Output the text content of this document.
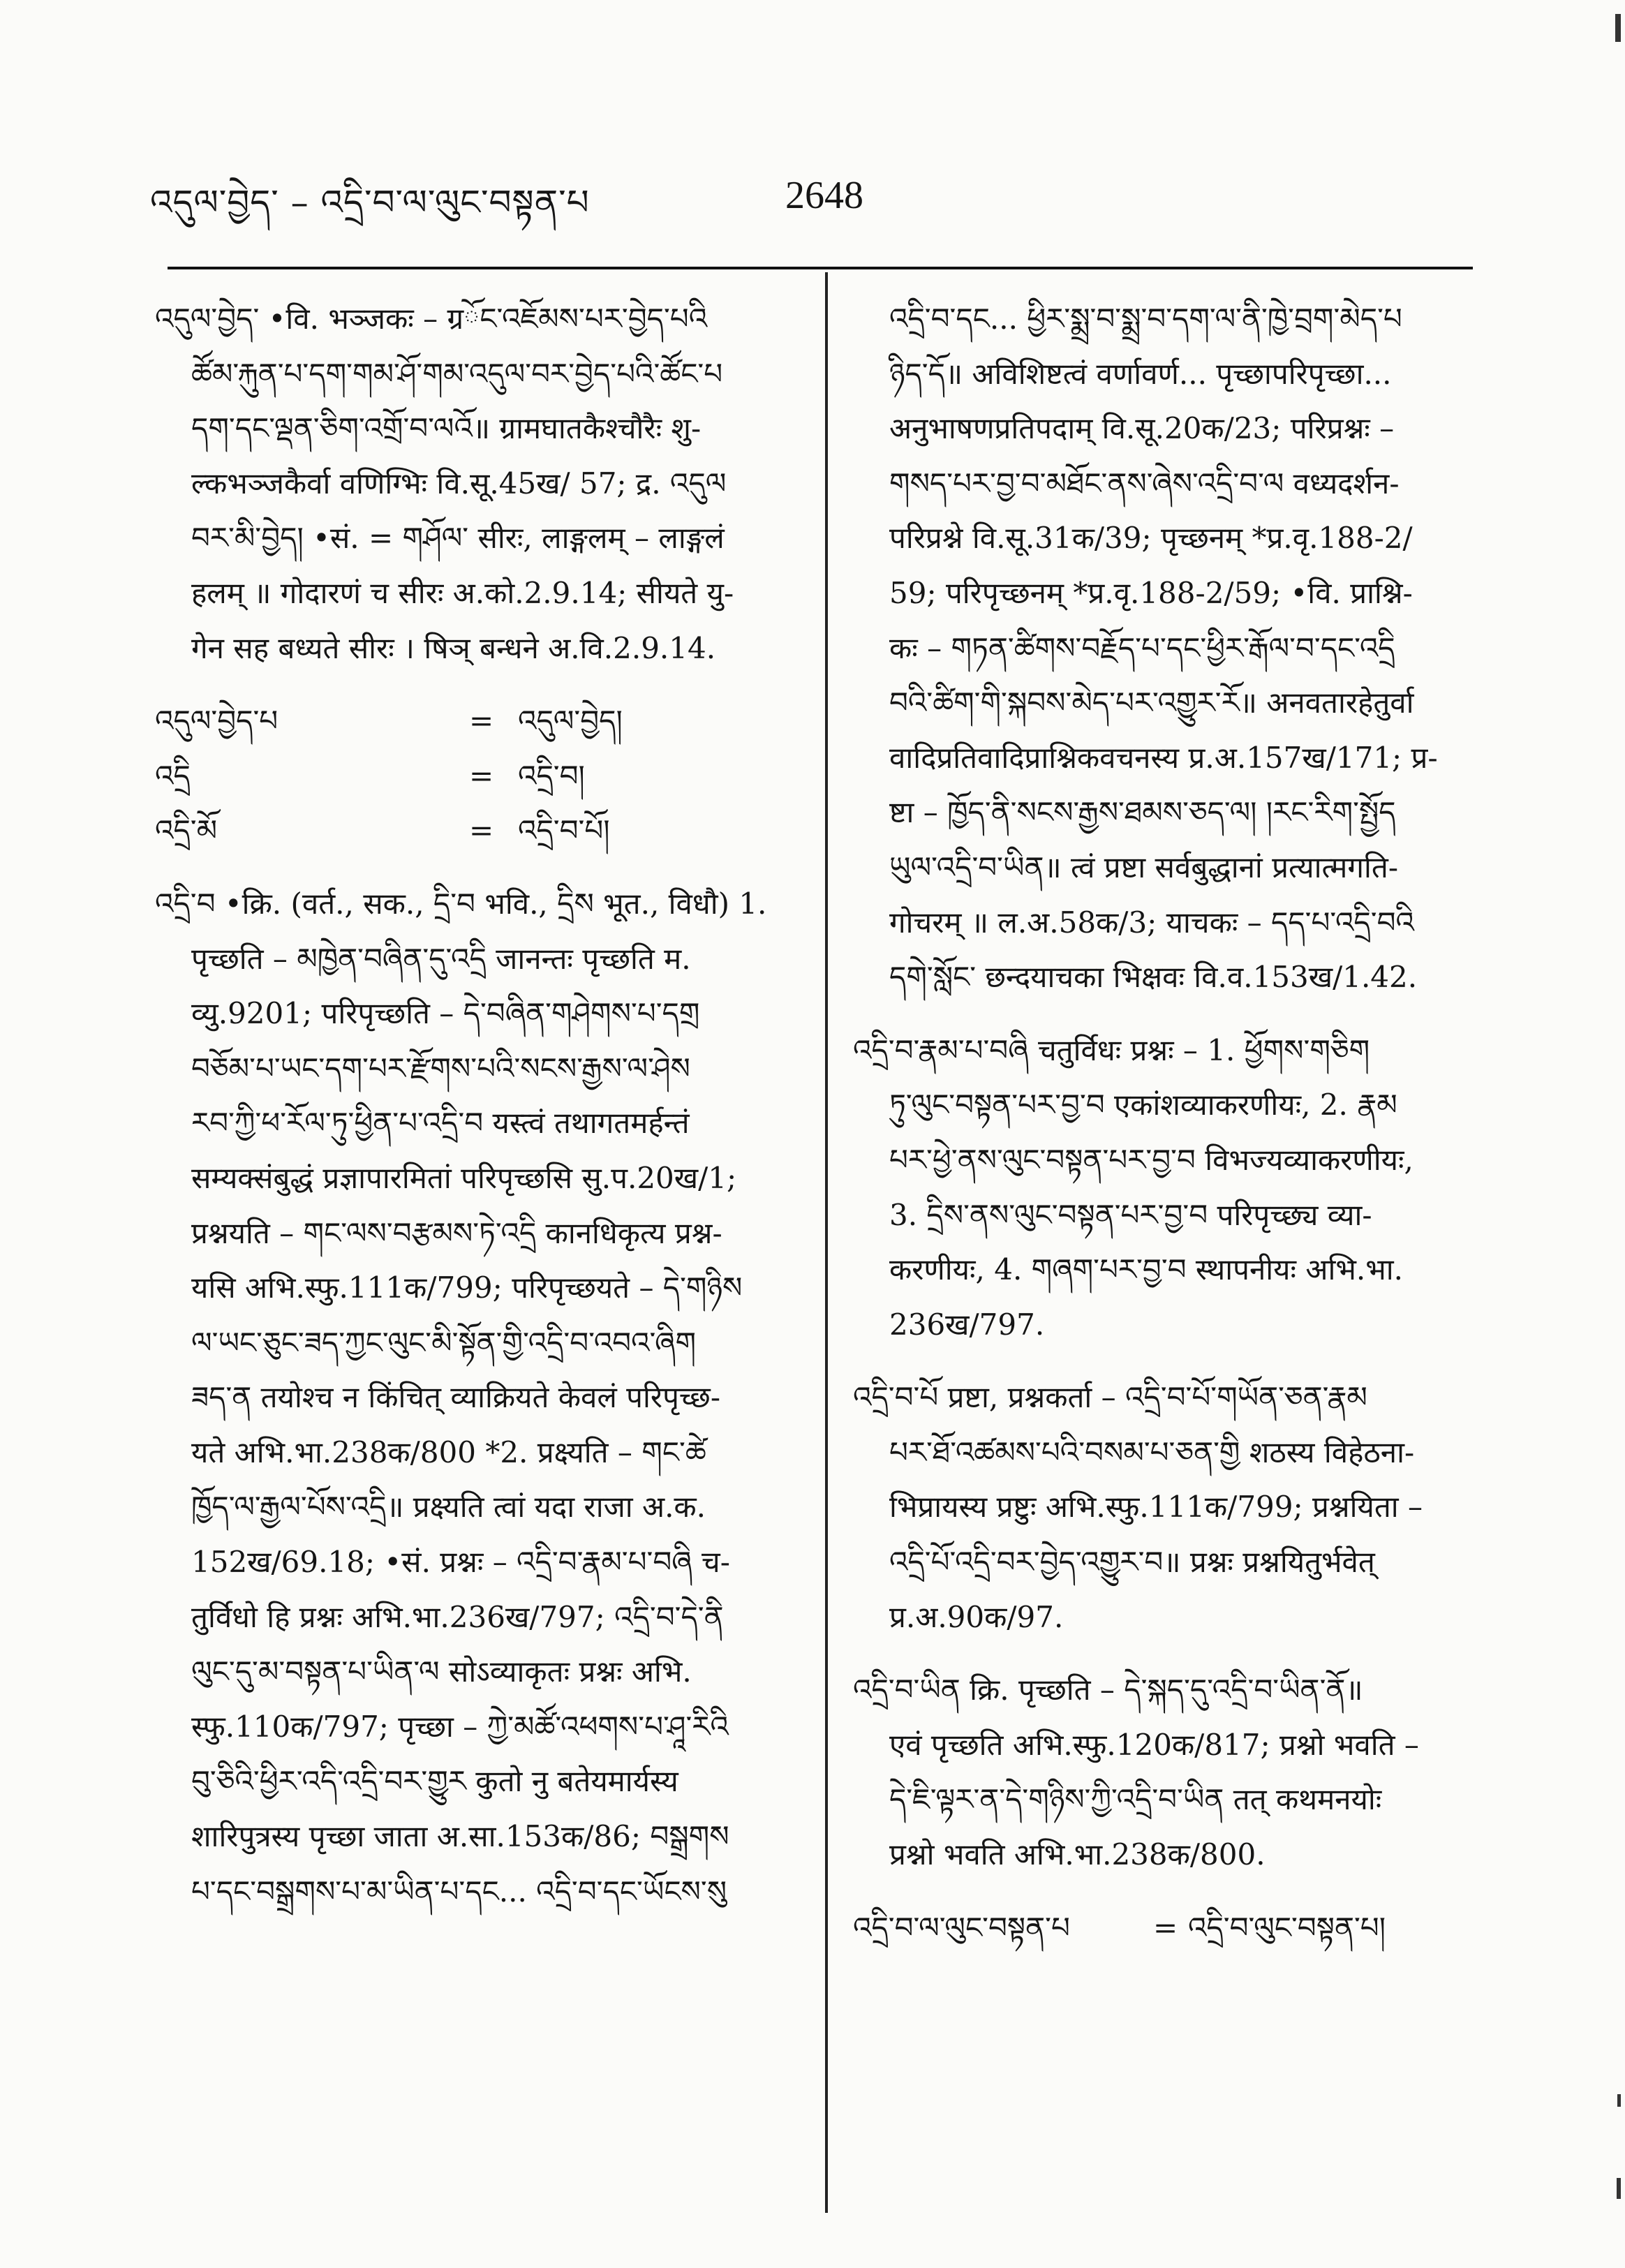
འདུལ་བྱེད་ – འདྲི་བ་ལ་ལུང་བསྟན་པ	2648
འདུལ་བྱེད་ •वि. भञ्जकः – ग्रོང་འཇོམས་པར་བྱེད་པའི
ཚོམ་རྐུན་པ་དག་གམ་ཤོ་གམ་འདུལ་བར་བྱེད་པའི་ཚོང་པ
དག་དང་ལྡན་ཅིག་འགྲོ་བ་ལའོ॥ ग्रामघातकैश्चौरैः शु-
ल्कभञ्जकैर्वा वणिग्भिः वि.सू.45ख/ 57; द्र. འདུལ
བར་མི་བྱེད། •सं. = གཤོལ་ सीरः, लाङ्गलम् – लाङ्गलं
हलम् ॥ गोदारणं च सीरः अ.को.2.9.14; सीयते यु-
गेन सह बध्यते सीरः । षिञ् बन्धने अ.वि.2.9.14.
འདུལ་བྱེད་པ	= འདུལ་བྱེད།
འདྲི	= འདྲི་བ།
འདྲི་མོ	= འདྲི་བ་པོ།
འདྲི་བ •क्रि. (वर्त., सक., དྲི་བ भवि., དྲིས भूत., विधौ) 1.
पृच्छति – མཁྱེན་བཞིན་དུ་འདྲི जानन्तः पृच्छति म.
व्यु.9201; परिपृच्छति – དེ་བཞིན་གཤེགས་པ་དགྲ
བཅོམ་པ་ཡང་དག་པར་རྫོགས་པའི་སངས་རྒྱས་ལ་ཤེས
རབ་ཀྱི་ཕ་རོལ་ཏུ་ཕྱིན་པ་འདྲི་བ यस्त्वं तथागतमर्हन्तं
सम्यक्संबुद्धं प्रज्ञापारमितां परिपृच्छसि सु.प.20ख/1;
प्रश्नयति – གང་ལས་བརྩམས་ཏེ་འདྲི कानधिकृत्य प्रश्न-
यसि अभि.स्फु.111क/799; परिपृच्छयते – དེ་གཉིས
ལ་ཡང་ཅུང་ཟད་ཀྱང་ལུང་མི་སྟོན་གྱི་འདྲི་བ་འབའ་ཞིག
ཟད་ན तयोश्च न किंचित् व्याक्रियते केवलं परिपृच्छ-
यते अभि.भा.238क/800 *2. प्रक्ष्यति – གང་ཚེ
ཁྱོད་ལ་རྒྱལ་པོས་འདྲི॥ प्रक्ष्यति त्वां यदा राजा अ.क.
152ख/69.18; •सं. प्रश्नः – འདྲི་བ་རྣམ་པ་བཞི च-
तुर्विधो हि प्रश्नः अभि.भा.236ख/797; འདྲི་བ་དེ་ནི
ལུང་དུ་མ་བསྟན་པ་ཡིན་ལ सोऽव्याकृतः प्रश्नः अभि.
स्फु.110क/797; पृच्छा – ཀྱེ་མཚོ་འཕགས་པ་ཤཱ་རིའི
བུ་ཅིའི་ཕྱིར་འདི་འདྲི་བར་གྱུར कुतो नु बतेयमार्यस्य
शारिपुत्रस्य पृच्छा जाता अ.सा.153क/86; བསྒྲགས
པ་དང་བསྒྲགས་པ་མ་ཡིན་པ་དང... འདྲི་བ་དང་ཡོངས་སུ
འདྲི་བ་དང... ཕྱིར་སྨྲ་བ་སྨྲ་བ་དག་ལ་ནི་ཁྱེ་བྲག་མེད་པ
ཉིད་དོ॥ अविशिष्टत्वं वर्णावर्ण... पृच्छापरिपृच्छा...
अनुभाषणप्रतिपदाम् वि.सू.20क/23; परिप्रश्नः –
གསད་པར་བྱ་བ་མཐོང་ནས་ཞེས་འདྲི་བ་ལ वध्यदर्शन-
परिप्रश्ने वि.सू.31क/39; पृच्छनम् *प्र.वृ.188-2/
59; परिपृच्छनम् *प्र.वृ.188-2/59; •वि. प्राश्नि-
कः – གཏན་ཚིགས་བརྗོད་པ་དང་ཕྱིར་རྒོལ་བ་དང་འདྲི
བའི་ཚིག་གི་སྐབས་མེད་པར་འགྱུར་རོ॥ अनवतारहेतुर्वा
वादिप्रतिवादिप्राश्निकवचनस्य प्र.अ.157ख/171; प्र-
ष्टा – ཁྱོད་ནི་སངས་རྒྱས་ཐམས་ཅད་ལ། །རང་རིག་སྤྱོད
ཡུལ་འདྲི་བ་ཡིན॥ त्वं प्रष्टा सर्वबुद्धानां प्रत्यात्मगति-
गोचरम् ॥ ल.अ.58क/3; याचकः – དད་པ་འདྲི་བའི
དགེ་སློང་ छन्दयाचका भिक्षवः वि.व.153ख/1.42.
འདྲི་བ་རྣམ་པ་བཞི चतुर्विधः प्रश्नः – 1. ཕྱོགས་གཅིག
ཏུ་ལུང་བསྟན་པར་བྱ་བ एकांशव्याकरणीयः, 2. རྣམ
པར་ཕྱེ་ནས་ལུང་བསྟན་པར་བྱ་བ विभज्यव्याकरणीयः,
3. དྲིས་ནས་ལུང་བསྟན་པར་བྱ་བ परिपृच्छ्य व्या-
करणीयः, 4. གཞག་པར་བྱ་བ स्थापनीयः अभि.भा.
236ख/797.
འདྲི་བ་པོ प्रष्टा, प्रश्नकर्ता – འདྲི་བ་པོ་གཡོན་ཅན་རྣམ
པར་ཐོ་འཚམས་པའི་བསམ་པ་ཅན་གྱི शठस्य विहेठना-
भिप्रायस्य प्रष्टुः अभि.स्फु.111क/799; प्रश्नयिता –
འདྲི་པོ་འདྲི་བར་བྱེད་འགྱུར་བ॥ प्रश्नः प्रश्नयितुर्भवेत्
प्र.अ.90क/97.
འདྲི་བ་ཡིན क्रि. पृच्छति – དེ་སྐད་དུ་འདྲི་བ་ཡིན་ནོ॥
एवं पृच्छति अभि.स्फु.120क/817; प्रश्नो भवति –
དེ་ཇི་ལྟར་ན་དེ་གཉིས་ཀྱི་འདྲི་བ་ཡིན तत् कथमनयोः
प्रश्नो भवति अभि.भा.238क/800.
འདྲི་བ་ལ་ལུང་བསྟན་པ	= འདྲི་བ་ལུང་བསྟན་པ།
